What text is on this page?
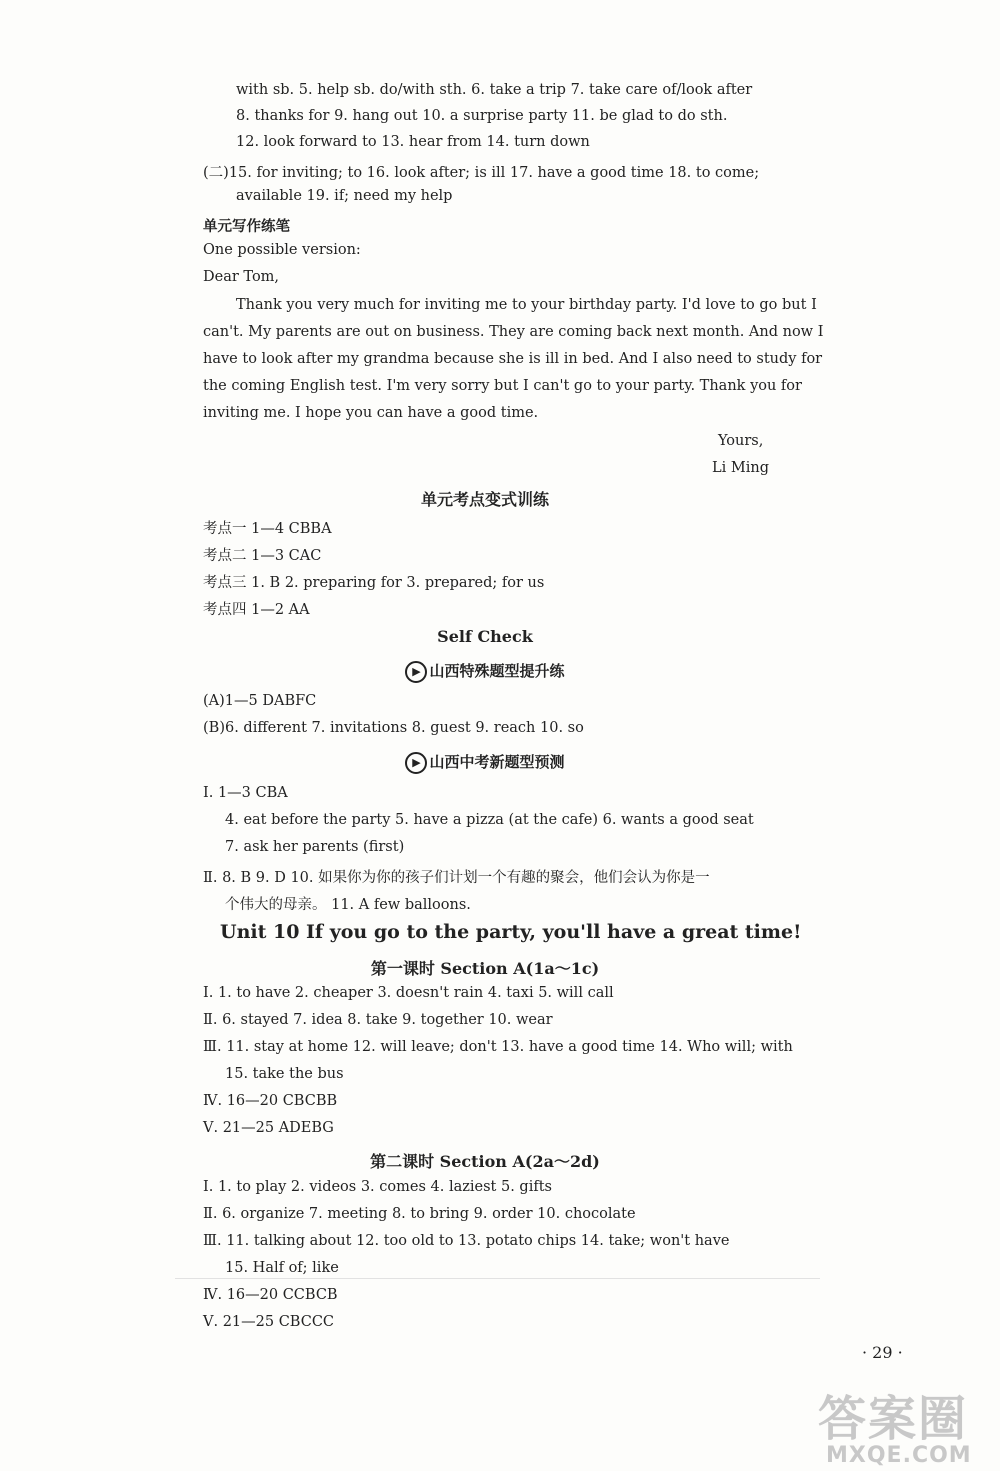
with sb. 5. help sb. do/with sth. 6. take a trip 7. take care of/look after
8. thanks for 9. hang out 10. a surprise party 11. be glad to do sth.
12. look forward to 13. hear from 14. turn down
(二)15. for inviting; to 16. look after; is ill 17. have a good time 18. to come;
available 19. if; need my help
单元写作练笔
One possible version:
Dear Tom,
Thank you very much for inviting me to your birthday party. I'd love to go but I
can't. My parents are out on business. They are coming back next month. And now I
have to look after my grandma because she is ill in bed. And I also need to study for
the coming English test. I'm very sorry but I can't go to your party. Thank you for
inviting me. I hope you can have a good time.
Yours,
Li Ming
单元考点变式训练
考点一 1—4 CBBA
考点二 1—3 CAC
考点三 1. B 2. preparing for 3. prepared; for us
考点四 1—2 AA
Self Check
▶ 山西特殊题型提升练
(A)1—5 DABFC
(B)6. different 7. invitations 8. guest 9. reach 10. so
▶ 山西中考新题型预测
Ⅰ. 1—3 CBA
4. eat before the party 5. have a pizza (at the cafe) 6. wants a good seat
7. ask her parents (first)
Ⅱ. 8. B 9. D 10. 如果你为你的孩子们计划一个有趣的聚会，他们会认为你是一
个伟大的母亲。 11. A few balloons.
Unit 10 If you go to the party, you'll have a great time!
第一课时 Section A(1a～1c)
Ⅰ. 1. to have 2. cheaper 3. doesn't rain 4. taxi 5. will call
Ⅱ. 6. stayed 7. idea 8. take 9. together 10. wear
Ⅲ. 11. stay at home 12. will leave; don't 13. have a good time 14. Who will; with
15. take the bus
Ⅳ. 16—20 CBCBB
Ⅴ. 21—25 ADEBG
第二课时 Section A(2a～2d)
Ⅰ. 1. to play 2. videos 3. comes 4. laziest 5. gifts
Ⅱ. 6. organize 7. meeting 8. to bring 9. order 10. chocolate
Ⅲ. 11. talking about 12. too old to 13. potato chips 14. take; won't have
15. Half of; like
Ⅳ. 16—20 CCBCB
Ⅴ. 21—25 CBCCC
· 29 ·
答案圈
MXQE.COM
